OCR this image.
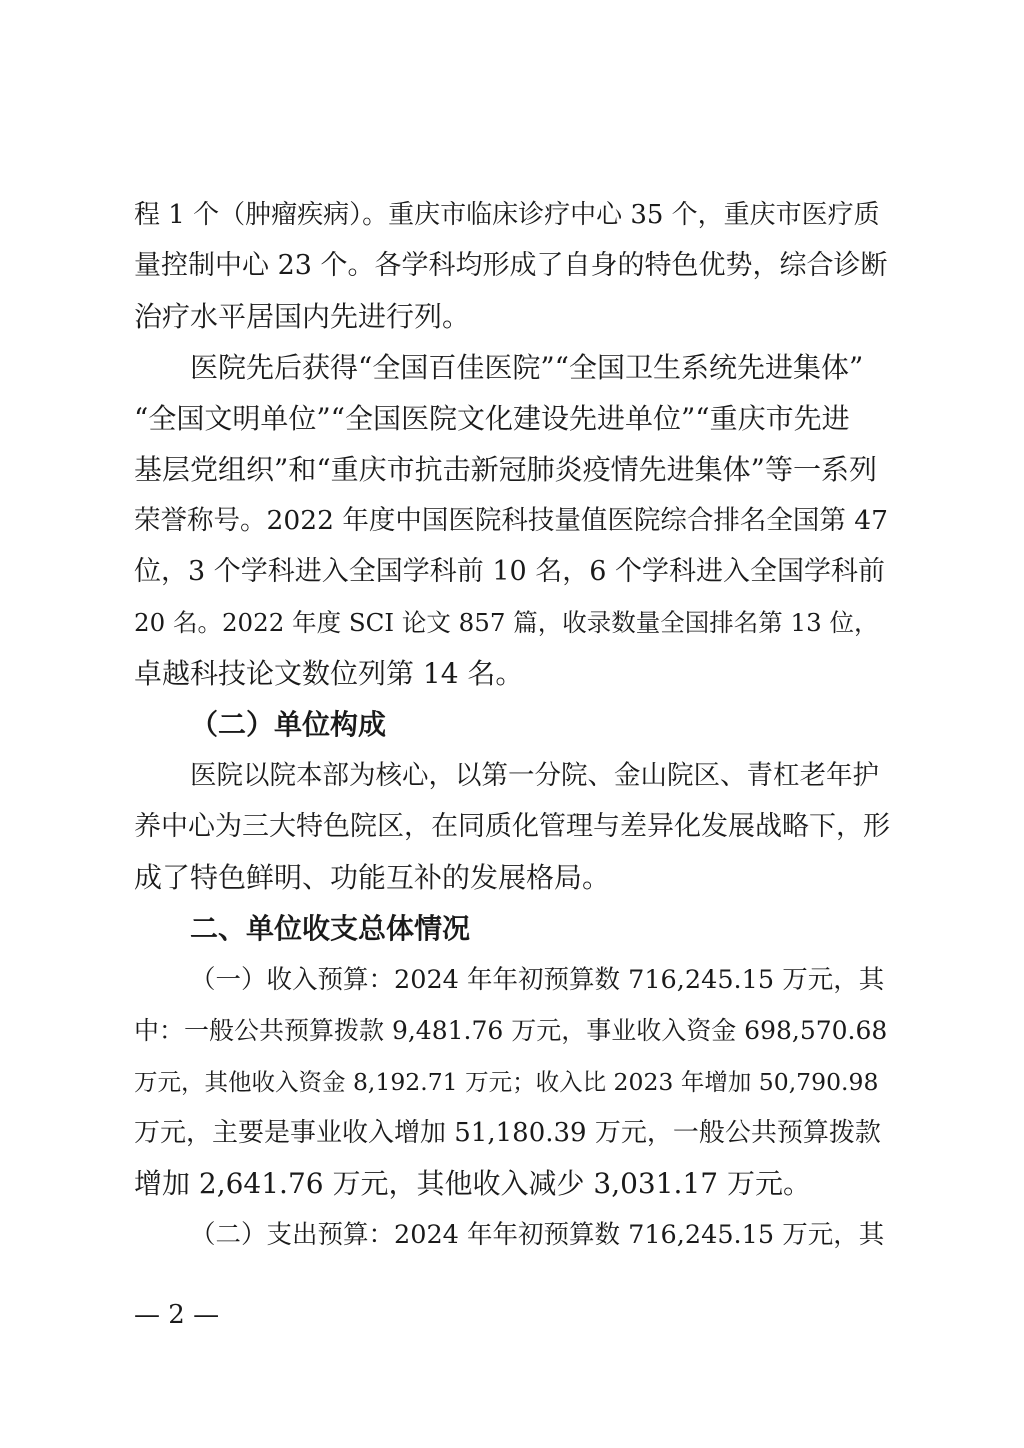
程 1 个（肿瘤疾病）。重庆市临床诊疗中心 35 个，重庆市医疗质
量控制中心 23 个。各学科均形成了自身的特色优势，综合诊断
治疗水平居国内先进行列。
医院先后获得“全国百佳医院”“全国卫生系统先进集体”
“全国文明单位”“全国医院文化建设先进单位”“重庆市先进
基层党组织”和“重庆市抗击新冠肺炎疫情先进集体”等一系列
荣誉称号。2022 年度中国医院科技量值医院综合排名全国第 47
位，3 个学科进入全国学科前 10 名，6 个学科进入全国学科前
20 名。2022 年度 SCI 论文 857 篇，收录数量全国排名第 13 位，
卓越科技论文数位列第 14 名。
（二）单位构成
医院以院本部为核心，以第一分院、金山院区、青杠老年护
养中心为三大特色院区，在同质化管理与差异化发展战略下，形
成了特色鲜明、功能互补的发展格局。
二、单位收支总体情况
（一）收入预算：2024 年年初预算数 716,245.15 万元，其
中：一般公共预算拨款 9,481.76 万元，事业收入资金 698,570.68
万元，其他收入资金 8,192.71 万元；收入比 2023 年增加 50,790.98
万元，主要是事业收入增加 51,180.39 万元，一般公共预算拨款
增加 2,641.76 万元，其他收入减少 3,031.17 万元。
（二）支出预算：2024 年年初预算数 716,245.15 万元，其
— 2 —
